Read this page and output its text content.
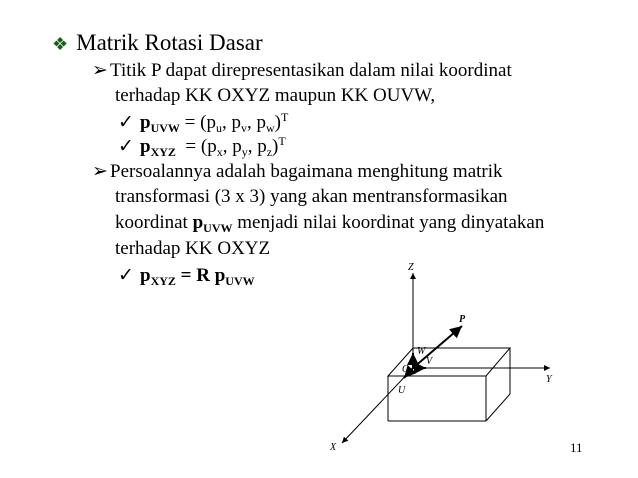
❖ Matrik Rotasi Dasar
➢ Titik P dapat direpresentasikan dalam nilai koordinat
terhadap KK OXYZ maupun KK OUVW,
✓ $p_{UVW} = (p_u$, $p_v$, $p_w)^T$
✓ $p_{XYZ} = (p_x$, $p_y$, $p_z)^T$
➢ Persoalannya adalah bagaimana menghitung matrik
transformasi (3 x 3) yang akan mentransformasikan
koordinat $p_{UVW}$ menjadi nilai koordinat yang dinyatakan
terhadap KK OXYZ
✓ $p_{XYZ} = R$ $p_{UVW}$
Z
Y
X
P
W
V
U
O
11
